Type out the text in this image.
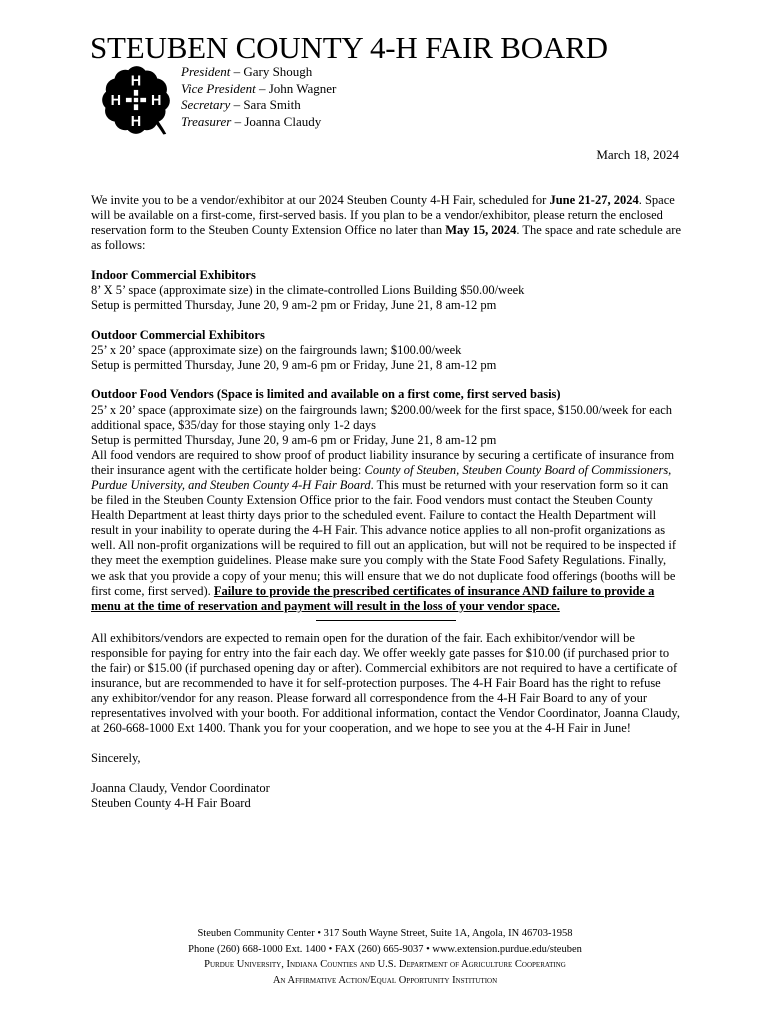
STEUBEN COUNTY 4-H FAIR BOARD
H
H
H H
President – Gary Shough
Vice President – John Wagner
Secretary – Sara Smith
Treasurer – Joanna Claudy
March 18, 2024

We invite you to be a vendor/exhibitor at our 2024 Steuben County 4-H Fair, scheduled for June 21-27, 2024. Space will be available on a first-come, first-served basis. If you plan to be a vendor/exhibitor, please return the enclosed reservation form to the Steuben County Extension Office no later than May 15, 2024. The space and rate schedule are as follows:

Indoor Commercial Exhibitors

8’ X 5’ space (approximate size) in the climate-controlled Lions Building $50.00/week

Setup is permitted Thursday, June 20, 9 am-2 pm or Friday, June 21, 8 am-12 pm

Outdoor Commercial Exhibitors

25’ x 20’ space (approximate size) on the fairgrounds lawn; $100.00/week

Setup is permitted Thursday, June 20, 9 am-6 pm or Friday, June 21, 8 am-12 pm

Outdoor Food Vendors (Space is limited and available on a first come, first served basis)

25’ x 20’ space (approximate size) on the fairgrounds lawn; $200.00/week for the first space, $150.00/week for each additional space, $35/day for those staying only 1-2 days

Setup is permitted Thursday, June 20, 9 am-6 pm or Friday, June 21, 8 am-12 pm

All food vendors are required to show proof of product liability insurance by securing a certificate of insurance from their insurance agent with the certificate holder being: County of Steuben, Steuben County Board of Commissioners, Purdue University, and Steuben County 4-H Fair Board. This must be returned with your reservation form so it can be filed in the Steuben County Extension Office prior to the fair. Food vendors must contact the Steuben County Health Department at least thirty days prior to the scheduled event. Failure to contact the Health Department will result in your inability to operate during the 4-H Fair. This advance notice applies to all non-profit organizations as well. All non-profit organizations will be required to fill out an application, but will not be required to be inspected if they meet the exemption guidelines. Please make sure you comply with the State Food Safety Regulations. Finally, we ask that you provide a copy of your menu; this will ensure that we do not duplicate food offerings (booths will be first come, first served). Failure to provide the prescribed certificates of insurance AND failure to provide a menu at the time of reservation and payment will result in the loss of your vendor space.

All exhibitors/vendors are expected to remain open for the duration of the fair. Each exhibitor/vendor will be responsible for paying for entry into the fair each day. We offer weekly gate passes for $10.00 (if purchased prior to the fair) or $15.00 (if purchased opening day or after). Commercial exhibitors are not required to have a certificate of insurance, but are recommended to have it for self-protection purposes. The 4-H Fair Board has the right to refuse any exhibitor/vendor for any reason. Please forward all correspondence from the 4-H Fair Board to any of your representatives involved with your booth. For additional information, contact the Vendor Coordinator, Joanna Claudy, at 260-668-1000 Ext 1400. Thank you for your cooperation, and we hope to see you at the 4-H Fair in June!

Sincerely,

Joanna Claudy, Vendor Coordinator

Steuben County 4-H Fair Board

Steuben Community Center • 317 South Wayne Street, Suite 1A, Angola, IN 46703-1958
Phone (260) 668-1000 Ext. 1400 • FAX (260) 665-9037 • www.extension.purdue.edu/steuben
Purdue University, Indiana Counties and U.S. Department of Agriculture Cooperating
An Affirmative Action/Equal Opportunity Institution
